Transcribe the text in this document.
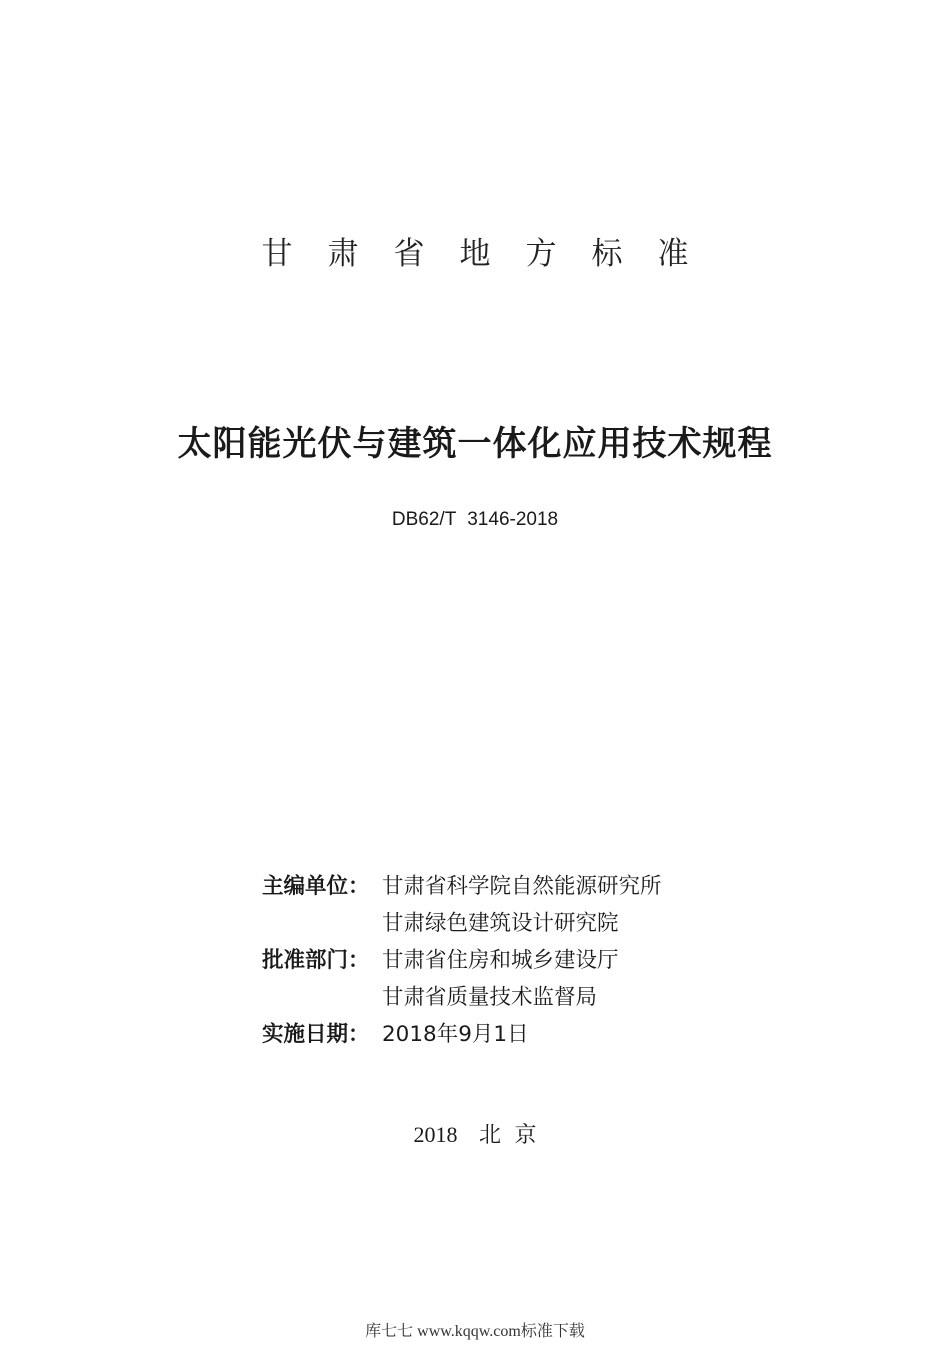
甘肃省地方标准
太阳能光伏与建筑一体化应用技术规程
DB62/T 3146-2018
主编单位： 甘肃省科学院自然能源研究所
甘肃绿色建筑设计研究院
批准部门： 甘肃省住房和城乡建设厅
甘肃省质量技术监督局
实施日期： 2018年9月1日
2018 北 京
库七七 www.kqqw.com标准下载
